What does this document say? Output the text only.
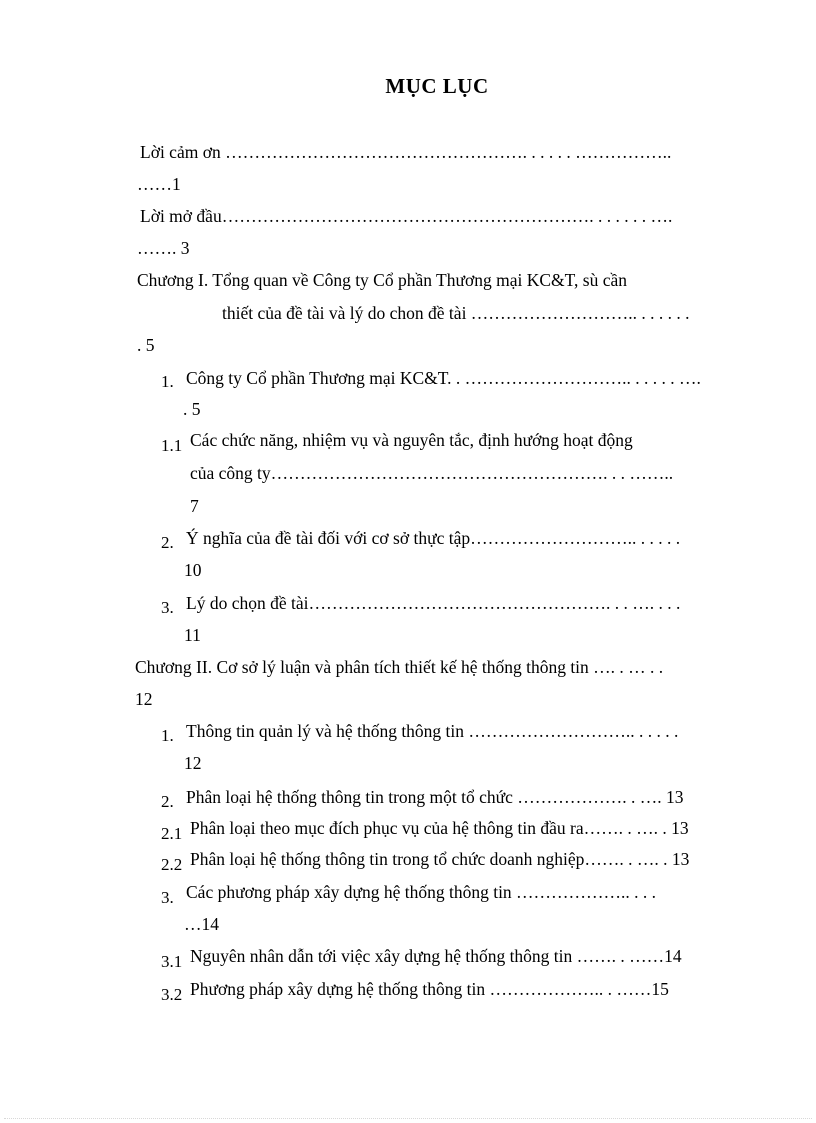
MỤC LỤC
Lời cảm ơn ……………………………………………. . . . . . ……………..
……1
Lời mở đầu………………………………………………………. . . . . . . ….
……. 3
Chương I. Tổng quan về Công ty Cổ phần Thương mại KC&T, sù cần
thiết của đề tài và lý do chon đề tài ……………………….. . . . . . .
. 5
1. Công ty Cổ phần Thương mại KC&T. . ……………………….. . . . . . ….
. 5
1.1 Các chức năng, nhiệm vụ và nguyên tắc, định hướng hoạt động
của công ty…………………………………………………. . . ……..
7
2. Ý nghĩa của đề tài đối với cơ sở thực tập……………………….. . . . . .
10
3. Lý do chọn đề tài……………………………………………. . . …. . . .
11
Chương II. Cơ sở lý luận và phân tích thiết kế hệ thống thông tin …. . … . .
12
1. Thông tin quản lý và hệ thống thông tin ……………………….. . . . . .
12
2. Phân loại hệ thống thông tin trong một tổ chức ………………. . …. 13
2.1 Phân loại theo mục đích phục vụ của hệ thông tin đầu ra……. . …. . 13
2.2 Phân loại hệ thống thông tin trong tổ chức doanh nghiệp……. . …. . 13
3. Các phương pháp xây dựng hệ thống thông tin ……………….. . . .
…14
3.1 Nguyên nhân dẫn tới việc xây dựng hệ thống thông tin ……. . ……14
3.2 Phương pháp xây dựng hệ thống thông tin ……………….. . ……15
